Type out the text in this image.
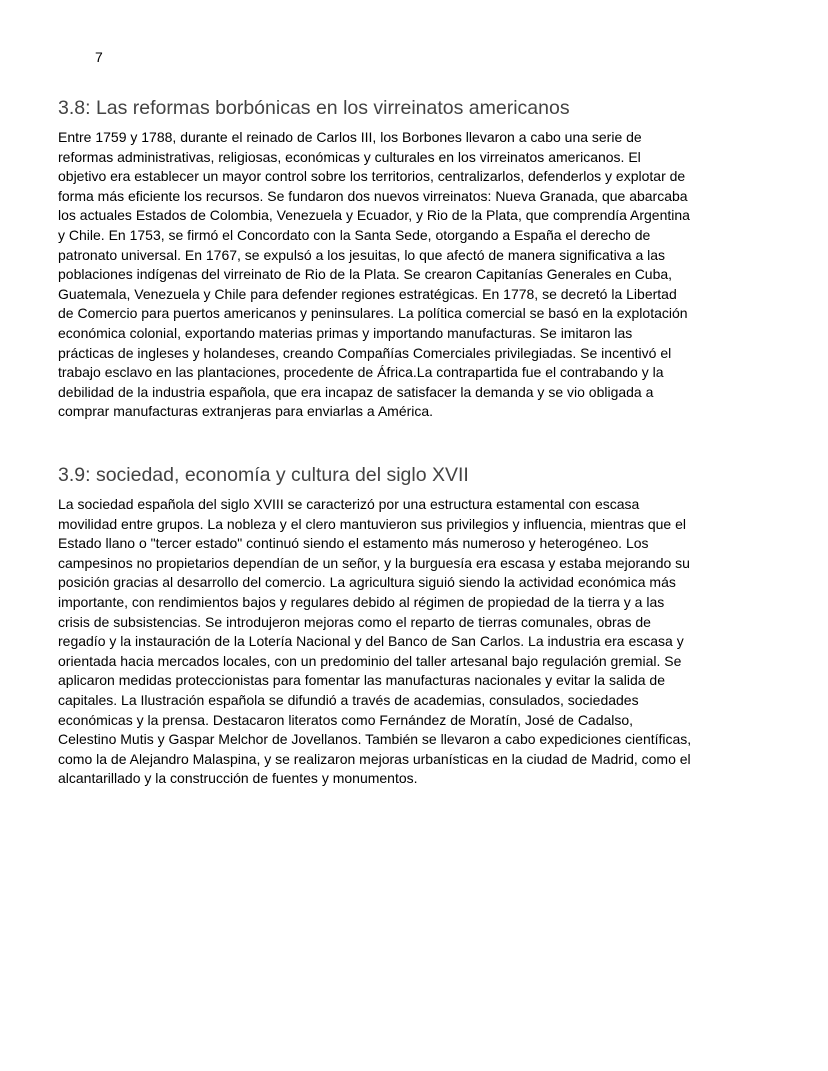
7
3.8: Las reformas borbónicas en los virreinatos americanos

Entre 1759 y 1788, durante el reinado de Carlos III, los Borbones llevaron a cabo una serie de
reformas administrativas, religiosas, económicas y culturales en los virreinatos americanos. El
objetivo era establecer un mayor control sobre los territorios, centralizarlos, defenderlos y explotar de
forma más eficiente los recursos. Se fundaron dos nuevos virreinatos: Nueva Granada, que abarcaba
los actuales Estados de Colombia, Venezuela y Ecuador, y Rio de la Plata, que comprendía Argentina
y Chile. En 1753, se firmó el Concordato con la Santa Sede, otorgando a España el derecho de
patronato universal. En 1767, se expulsó a los jesuitas, lo que afectó de manera significativa a las
poblaciones indígenas del virreinato de Rio de la Plata. Se crearon Capitanías Generales en Cuba,
Guatemala, Venezuela y Chile para defender regiones estratégicas. En 1778, se decretó la Libertad
de Comercio para puertos americanos y peninsulares. La política comercial se basó en la explotación
económica colonial, exportando materias primas y importando manufacturas. Se imitaron las
prácticas de ingleses y holandeses, creando Compañías Comerciales privilegiadas. Se incentivó el
trabajo esclavo en las plantaciones, procedente de África.La contrapartida fue el contrabando y la
debilidad de la industria española, que era incapaz de satisfacer la demanda y se vio obligada a
comprar manufacturas extranjeras para enviarlas a América.

3.9: sociedad, economía y cultura del siglo XVII

La sociedad española del siglo XVIII se caracterizó por una estructura estamental con escasa
movilidad entre grupos. La nobleza y el clero mantuvieron sus privilegios y influencia, mientras que el
Estado llano o "tercer estado" continuó siendo el estamento más numeroso y heterogéneo. Los
campesinos no propietarios dependían de un señor, y la burguesía era escasa y estaba mejorando su
posición gracias al desarrollo del comercio. La agricultura siguió siendo la actividad económica más
importante, con rendimientos bajos y regulares debido al régimen de propiedad de la tierra y a las
crisis de subsistencias. Se introdujeron mejoras como el reparto de tierras comunales, obras de
regadío y la instauración de la Lotería Nacional y del Banco de San Carlos. La industria era escasa y
orientada hacia mercados locales, con un predominio del taller artesanal bajo regulación gremial. Se
aplicaron medidas proteccionistas para fomentar las manufacturas nacionales y evitar la salida de
capitales. La Ilustración española se difundió a través de academias, consulados, sociedades
económicas y la prensa. Destacaron literatos como Fernández de Moratín, José de Cadalso,
Celestino Mutis y Gaspar Melchor de Jovellanos. También se llevaron a cabo expediciones científicas,
como la de Alejandro Malaspina, y se realizaron mejoras urbanísticas en la ciudad de Madrid, como el
alcantarillado y la construcción de fuentes y monumentos.
